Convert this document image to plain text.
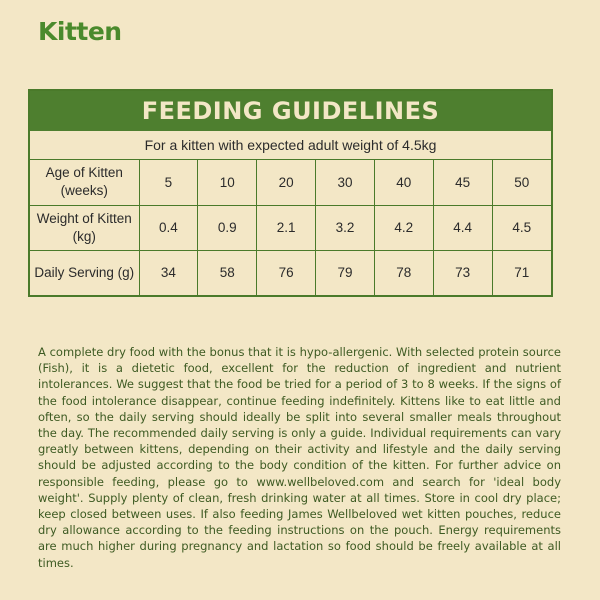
Kitten
FEEDING GUIDELINES
For a kitten with expected adult weight of 4.5kg
Age of Kitten (weeks)	5	10	20	30	40	45	50
Weight of Kitten (kg)	0.4	0.9	2.1	3.2	4.2	4.4	4.5
Daily Serving (g)	34	58	76	79	78	73	71
A complete dry food with the bonus that it is hypo-allergenic. With selected protein source (Fish), it is a dietetic food, excellent for the reduction of ingredient and nutrient intolerances. We suggest that the food be tried for a period of 3 to 8 weeks. If the signs of the food intolerance disappear, continue feeding indefinitely. Kittens like to eat little and often, so the daily serving should ideally be split into several smaller meals throughout the day. The recommended daily serving is only a guide. Individual requirements can vary greatly between kittens, depending on their activity and lifestyle and the daily serving should be adjusted according to the body condition of the kitten. For further advice on responsible feeding, please go to www.wellbeloved.com and search for 'ideal body weight'. Supply plenty of clean, fresh drinking water at all times. Store in cool dry place; keep closed between uses. If also feeding James Wellbeloved wet kitten pouches, reduce dry allowance according to the feeding instructions on the pouch. Energy requirements are much higher during pregnancy and lactation so food should be freely available at all times.
